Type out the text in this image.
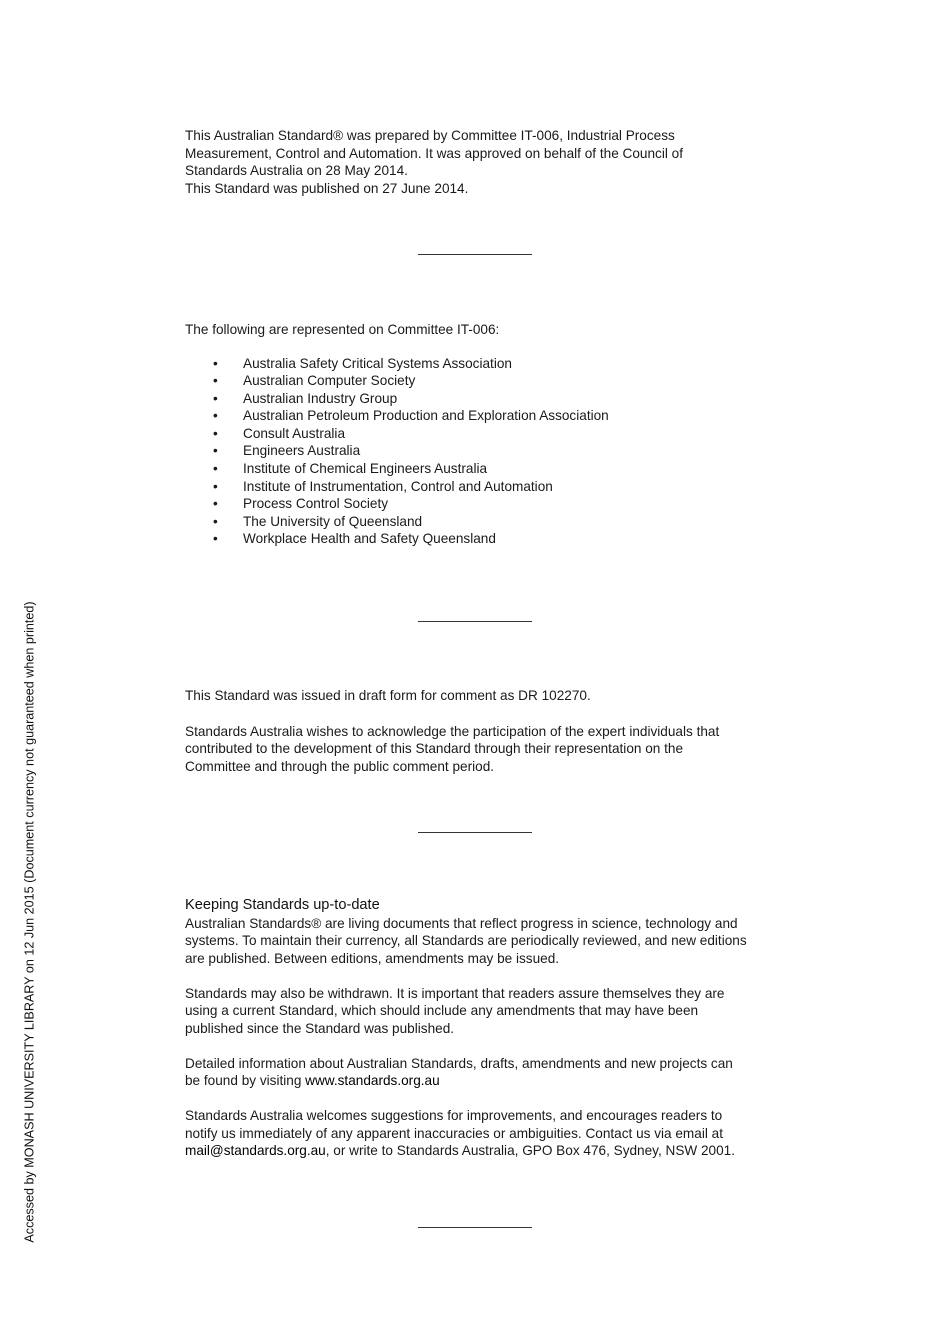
This Australian Standard® was prepared by Committee IT-006, Industrial Process

Measurement, Control and Automation. It was approved on behalf of the Council of

Standards Australia on 28 May 2014.

This Standard was published on 27 June 2014.

The following are represented on Committee IT-006:

• Australia Safety Critical Systems Association
• Australian Computer Society
• Australian Industry Group
• Australian Petroleum Production and Exploration Association
• Consult Australia
• Engineers Australia
• Institute of Chemical Engineers Australia
• Institute of Instrumentation, Control and Automation
• Process Control Society
• The University of Queensland
• Workplace Health and Safety Queensland

This Standard was issued in draft form for comment as DR 102270.

Standards Australia wishes to acknowledge the participation of the expert individuals that

contributed to the development of this Standard through their representation on the

Committee and through the public comment period.

Keeping Standards up-to-date

Australian Standards® are living documents that reflect progress in science, technology and

systems. To maintain their currency, all Standards are periodically reviewed, and new editions

are published. Between editions, amendments may be issued.

Standards may also be withdrawn. It is important that readers assure themselves they are

using a current Standard, which should include any amendments that may have been

published since the Standard was published.

Detailed information about Australian Standards, drafts, amendments and new projects can

be found by visiting www.standards.org.au

Standards Australia welcomes suggestions for improvements, and encourages readers to

notify us immediately of any apparent inaccuracies or ambiguities. Contact us via email at

mail@standards.org.au, or write to Standards Australia, GPO Box 476, Sydney, NSW 2001.

Accessed by MONASH UNIVERSITY LIBRARY on 12 Jun 2015 (Document currency not guaranteed when printed)
